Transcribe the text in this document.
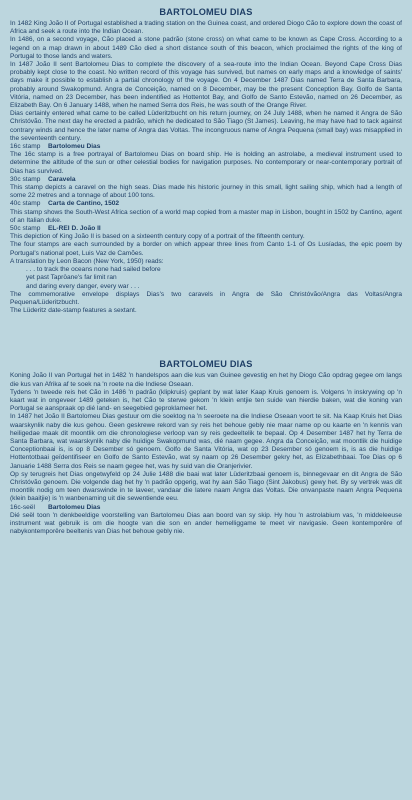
BARTOLOMEU DIAS

In 1482 King João II of Portugal established a trading station on the Guinea coast, and ordered Diogo Cão to explore down the coast of Africa and seek a route into the Indian Ocean.

In 1486, on a second voyage, Cão placed a stone padrão (stone cross) on what came to be known as Cape Cross. According to a legend on a map drawn in about 1489 Cão died a short distance south of this beacon, which proclaimed the rights of the king of Portugal to those lands and waters.

In 1487 João II sent Bartolomeu Dias to complete the discovery of a sea-route into the Indian Ocean. Beyond Cape Cross Dias probably kept close to the coast. No written record of this voyage has survived, but names on early maps and a knowledge of saints' days make it possible to establish a partial chronology of the voyage. On 4 December 1487 Dias named Terra de Santa Barbara, probably around Swakopmund. Angra de Conceição, named on 8 December, may be the present Conception Bay. Golfo de Santa Vitória, named on 23 December, has been indentified as Hottentot Bay, and Golfo de Santo Estevão, named on 26 December, as Elizabeth Bay. On 6 January 1488, when he named Serra dos Reis, he was south of the Orange River.

Dias certainly entered what came to be called Lüderitzbucht on his return journey, on 24 July 1488, when he named it Angra de São Christóvão. The next day he erected a padrão, which he dedicated to São Tiago (St James). Leaving, he may have had to tack against contrary winds and hence the later name of Angra das Voltas. The incongruous name of Angra Pequena (small bay) was misapplied in the seventeenth century.

16c stamp Bartolomeu Dias

The 16c stamp is a free portrayal of Bartolomeu Dias on board ship. He is holding an astrolabe, a medieval instrument used to determine the altitude of the sun or other celestial bodies for navigation purposes. No contemporary or near-contemporary portrait of Dias has survived.

30c stamp Caravela

This stamp depicts a caravel on the high seas. Dias made his historic journey in this small, light sailing ship, which had a length of some 22 metres and a tonnage of about 100 tons.

40c stamp Carta de Cantino, 1502

This stamp shows the South-West Africa section of a world map copied from a master map in Lisbon, bought in 1502 by Cantino, agent of an Italian duke.

50c stamp EL-REI D. João II

This depiction of King João II is based on a sixteenth century copy of a portrait of the fifteenth century.

The four stamps are each surrounded by a border on which appear three lines from Canto 1-1 of Os Lusíadas, the epic poem by Portugal's national poet, Luis Vaz de Camões.

A translation by Leon Bacon (New York, 1950) reads:

. . . to track the oceans none had sailed before
yet past Taprōane's far limit ran
and daring every danger, every war . . .

The commemorative envelope displays Dias's two caravels in Angra de São Christóvão/Angra das Voltas/Angra Pequena/Lüderitzbucht.

The Lüderitz date-stamp features a sextant.

BARTOLOMEU DIAS

Koning João II van Portugal het in 1482 'n handelspos aan die kus van Guinee gevestig en het hy Diogo Cão opdrag gegee om langs die kus van Afrika af te soek na 'n roete na die Indiese Oseaan.

Tydens 'n tweede reis het Cão in 1486 'n padrão (klipkruis) geplant by wat later Kaap Kruis genoem is. Volgens 'n inskrywing op 'n kaart wat in ongeveer 1489 geteken is, het Cão te sterwe gekom 'n klein entjie ten suide van hierdie baken, wat die koning van Portugal se aanspraak op dié land- en seegebied geproklameer het.

In 1487 het João II Bartolomeu Dias gestuur om die soektog na 'n seeroete na die Indiese Oseaan voort te sit. Na Kaap Kruis het Dias waarskynlik naby die kus gehou. Geen geskrewe rekord van sy reis het behoue gebly nie maar name op ou kaarte en 'n kennis van heiligedae maak dit moontlik om die chronologiese verloop van sy reis gedeeltelik te bepaal. Op 4 Desember 1487 het hy Terra de Santa Barbara, wat waarskynlik naby die huidige Swakopmund was, dié naam gegee. Angra da Conceição, wat moontlik die huidige Conceptionbaai is, is op 8 Desember só genoem. Golfo de Santa Vitória, wat op 23 Desember só genoem is, is as die huidige Hottentotbaai geïdentifiseer en Golfo de Santo Estevão, wat sy naam op 26 Desember gekry het, as Elizabethbaai. Toe Dias op 6 Januarie 1488 Serra dos Reis se naam gegee het, was hy suid van die Oranjerivier.

Op sy terugreis het Dias ongetwyfeld op 24 Julie 1488 die baai wat later Lüderitzbaai genoem is, binnegevaar en dit Angra de São Christóvão genoem. Die volgende dag het hy 'n padrão opgerig, wat hy aan São Tiago (Sint Jakobus) gewy het. By sy vertrek was dit moontlik nodig om teen dwarswinde in te laveer, vandaar die latere naam Angra das Voltas. Die onvanpaste naam Angra Pequena (klein baaitjie) is 'n wanbenaming uit die sewentiende eeu.

16c-seël	Bartolomeu Dias

Dié seël toon 'n denkbeeldige voorstelling van Bartolomeu Dias aan boord van sy skip. Hy hou 'n astrolabium vas, 'n middeleeuse instrument wat gebruik is om die hoogte van die son en ander hemelliggame te meet vir navigasie. Geen kontemporêre of nabykontemporêre beeltenis van Dias het behoue gebly nie.
